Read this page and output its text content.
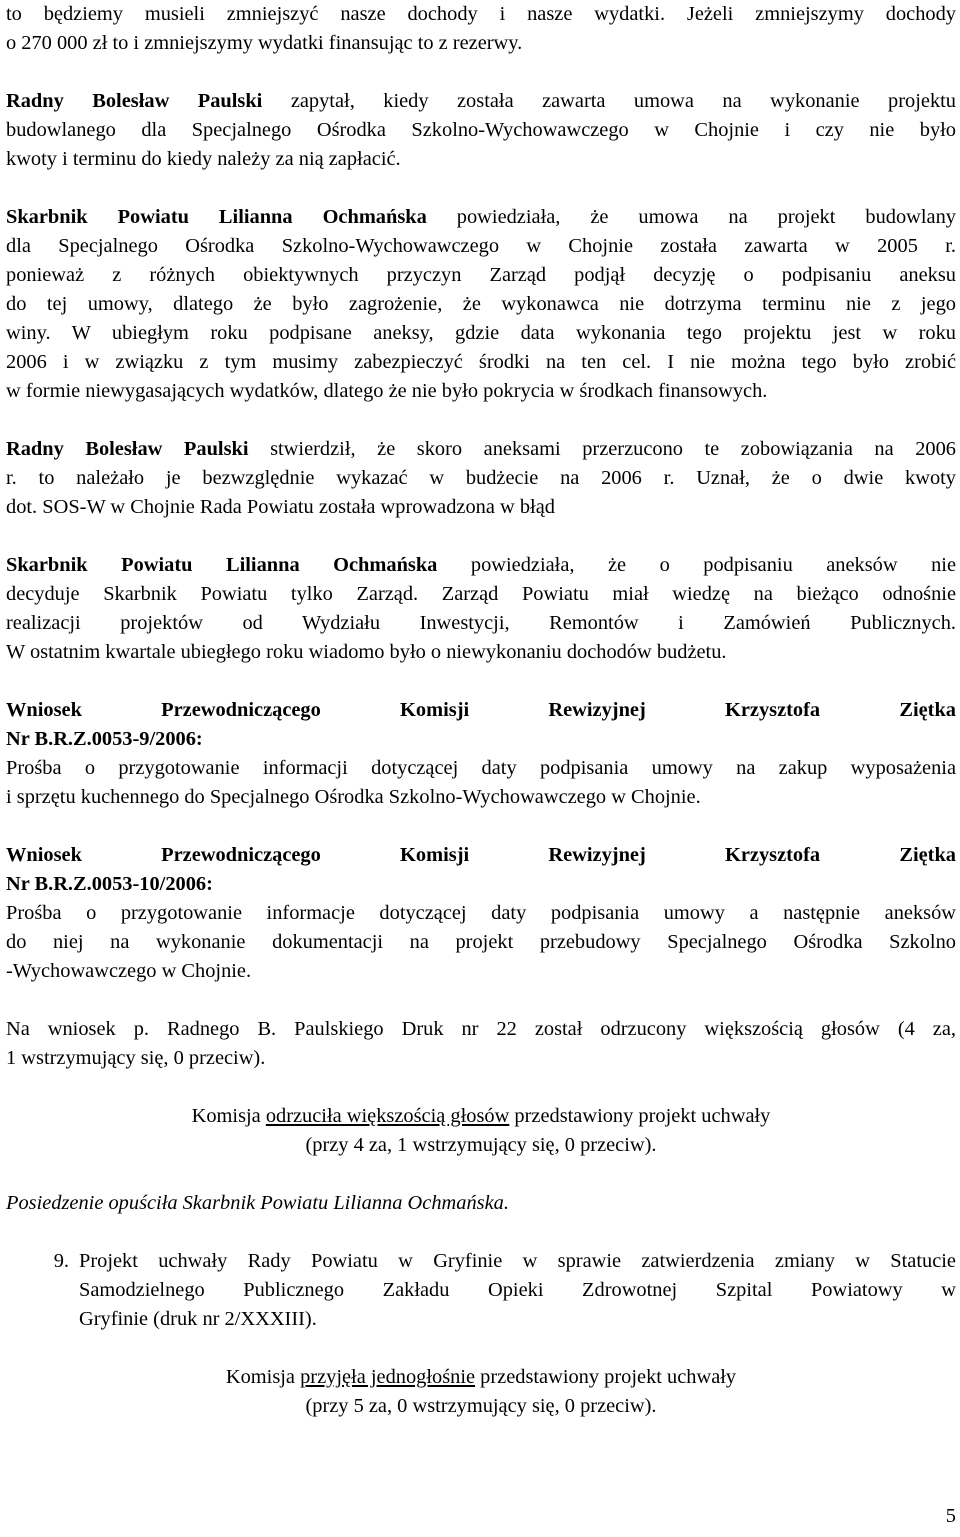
to będziemy musieli zmniejszyć nasze dochody i nasze wydatki. Jeżeli zmniejszymy dochody

o 270 000 zł to i zmniejszymy wydatki finansując to z rezerwy.

Radny Bolesław Paulski zapytał, kiedy została zawarta umowa na wykonanie projektu

budowlanego dla Specjalnego Ośrodka Szkolno-Wychowawczego w Chojnie i czy nie było

kwoty i terminu do kiedy należy za nią zapłacić.

Skarbnik Powiatu Lilianna Ochmańska powiedziała, że umowa na projekt budowlany

dla Specjalnego Ośrodka Szkolno-Wychowawczego w Chojnie została zawarta w 2005 r.

ponieważ z różnych obiektywnych przyczyn Zarząd podjął decyzję o podpisaniu aneksu

do tej umowy, dlatego że było zagrożenie, że wykonawca nie dotrzyma terminu nie z jego

winy. W ubiegłym roku podpisane aneksy, gdzie data wykonania tego projektu jest w roku

2006 i w związku z tym musimy zabezpieczyć środki na ten cel. I nie można tego było zrobić

w formie niewygasających wydatków, dlatego że nie było pokrycia w środkach finansowych.

Radny Bolesław Paulski stwierdził, że skoro aneksami przerzucono te zobowiązania na 2006

r. to należało je bezwzględnie wykazać w budżecie na 2006 r. Uznał, że o dwie kwoty

dot. SOS-W w Chojnie Rada Powiatu została wprowadzona w błąd

Skarbnik Powiatu Lilianna Ochmańska powiedziała, że o podpisaniu aneksów nie

decyduje Skarbnik Powiatu tylko Zarząd. Zarząd Powiatu miał wiedzę na bieżąco odnośnie

realizacji projektów od Wydziału Inwestycji, Remontów i Zamówień Publicznych.

W ostatnim kwartale ubiegłego roku wiadomo było o niewykonaniu dochodów budżetu.

Wniosek Przewodniczącego Komisji Rewizyjnej Krzysztofa Ziętka

Nr B.R.Z.0053-9/2006:

Prośba o przygotowanie informacji dotyczącej daty podpisania umowy na zakup wyposażenia

i sprzętu kuchennego do Specjalnego Ośrodka Szkolno-Wychowawczego w Chojnie.

Wniosek Przewodniczącego Komisji Rewizyjnej Krzysztofa Ziętka

Nr B.R.Z.0053-10/2006:

Prośba o przygotowanie informacje dotyczącej daty podpisania umowy a następnie aneksów

do niej na wykonanie dokumentacji na projekt przebudowy Specjalnego Ośrodka Szkolno

-Wychowawczego w Chojnie.

Na wniosek p. Radnego B. Paulskiego Druk nr 22 został odrzucony większością głosów (4 za,

1 wstrzymujący się, 0 przeciw).

Komisja odrzuciła większością głosów przedstawiony projekt uchwały

(przy 4 za, 1 wstrzymujący się, 0 przeciw).

Posiedzenie opuściła Skarbnik Powiatu Lilianna Ochmańska.

9. Projekt uchwały Rady Powiatu w Gryfinie w sprawie zatwierdzenia zmiany w Statucie

Samodzielnego Publicznego Zakładu Opieki Zdrowotnej Szpital Powiatowy w

Gryfinie (druk nr 2/XXXIII).

Komisja przyjęła jednogłośnie przedstawiony projekt uchwały

(przy 5 za, 0 wstrzymujący się, 0 przeciw).

5
